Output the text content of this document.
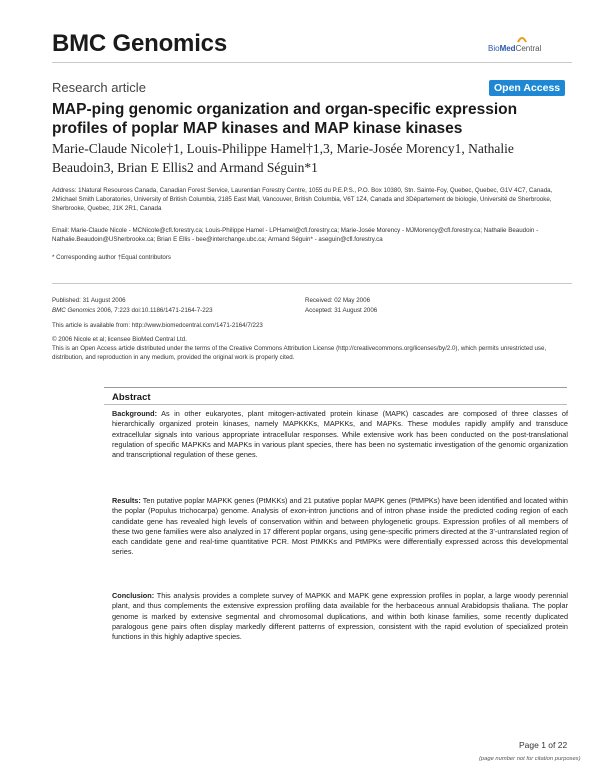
BMC Genomics	BioMedCentral
Research article	Open Access
MAP-ping genomic organization and organ-specific expression profiles of poplar MAP kinases and MAP kinase kinases
Marie-Claude Nicole†1, Louis-Philippe Hamel†1,3, Marie-Josée Morency1, Nathalie Beaudoin3, Brian E Ellis2 and Armand Séguin*1
Address: 1Natural Resources Canada, Canadian Forest Service, Laurentian Forestry Centre, 1055 du P.E.P.S., P.O. Box 10380, Stn. Sainte-Foy, Quebec, Quebec, G1V 4C7, Canada, 2Michael Smith Laboratories, University of British Columbia, 2185 East Mall, Vancouver, British Columbia, V6T 1Z4, Canada and 3Département de biologie, Université de Sherbrooke, Sherbrooke, Quebec, J1K 2R1, Canada
Email: Marie-Claude Nicole - MCNicole@cfl.forestry.ca; Louis-Philippe Hamel - LPHamel@cfl.forestry.ca; Marie-Josée Morency - MJMorency@cfl.forestry.ca; Nathalie Beaudoin - Nathalie.Beaudoin@USherbrooke.ca; Brian E Ellis - bee@interchange.ubc.ca; Armand Séguin* - aseguin@cfl.forestry.ca
* Corresponding author †Equal contributors
Published: 31 August 2006
BMC Genomics 2006, 7:223 doi:10.1186/1471-2164-7-223
Received: 02 May 2006
Accepted: 31 August 2006
This article is available from: http://www.biomedcentral.com/1471-2164/7/223
© 2006 Nicole et al; licensee BioMed Central Ltd.
This is an Open Access article distributed under the terms of the Creative Commons Attribution License (http://creativecommons.org/licenses/by/2.0), which permits unrestricted use, distribution, and reproduction in any medium, provided the original work is properly cited.
Abstract

Background: As in other eukaryotes, plant mitogen-activated protein kinase (MAPK) cascades are composed of three classes of hierarchically organized protein kinases, namely MAPKKKs, MAPKKs, and MAPKs. These modules rapidly amplify and transduce extracellular signals into various appropriate intracellular responses. While extensive work has been conducted on the post-translational regulation of specific MAPKKs and MAPKs in various plant species, there has been no systematic investigation of the genomic organization and transcriptional regulation of these genes.

Results: Ten putative poplar MAPKK genes (PtMKKs) and 21 putative poplar MAPK genes (PtMPKs) have been identified and located within the poplar (Populus trichocarpa) genome. Analysis of exon-intron junctions and of intron phase inside the predicted coding region of each candidate gene has revealed high levels of conservation within and between phylogenetic groups. Expression profiles of all members of these two gene families were also analyzed in 17 different poplar organs, using gene-specific primers directed at the 3'-untranslated region of each candidate gene and real-time quantitative PCR. Most PtMKKs and PtMPKs were differentially expressed across this developmental series.

Conclusion: This analysis provides a complete survey of MAPKK and MAPK gene expression profiles in poplar, a large woody perennial plant, and thus complements the extensive expression profiling data available for the herbaceous annual Arabidopsis thaliana. The poplar genome is marked by extensive segmental and chromosomal duplications, and within both kinase families, some recently duplicated paralogous gene pairs often display markedly different patterns of expression, consistent with the rapid evolution of specialized protein functions in this highly adaptive species.

Page 1 of 22
(page number not for citation purposes)
